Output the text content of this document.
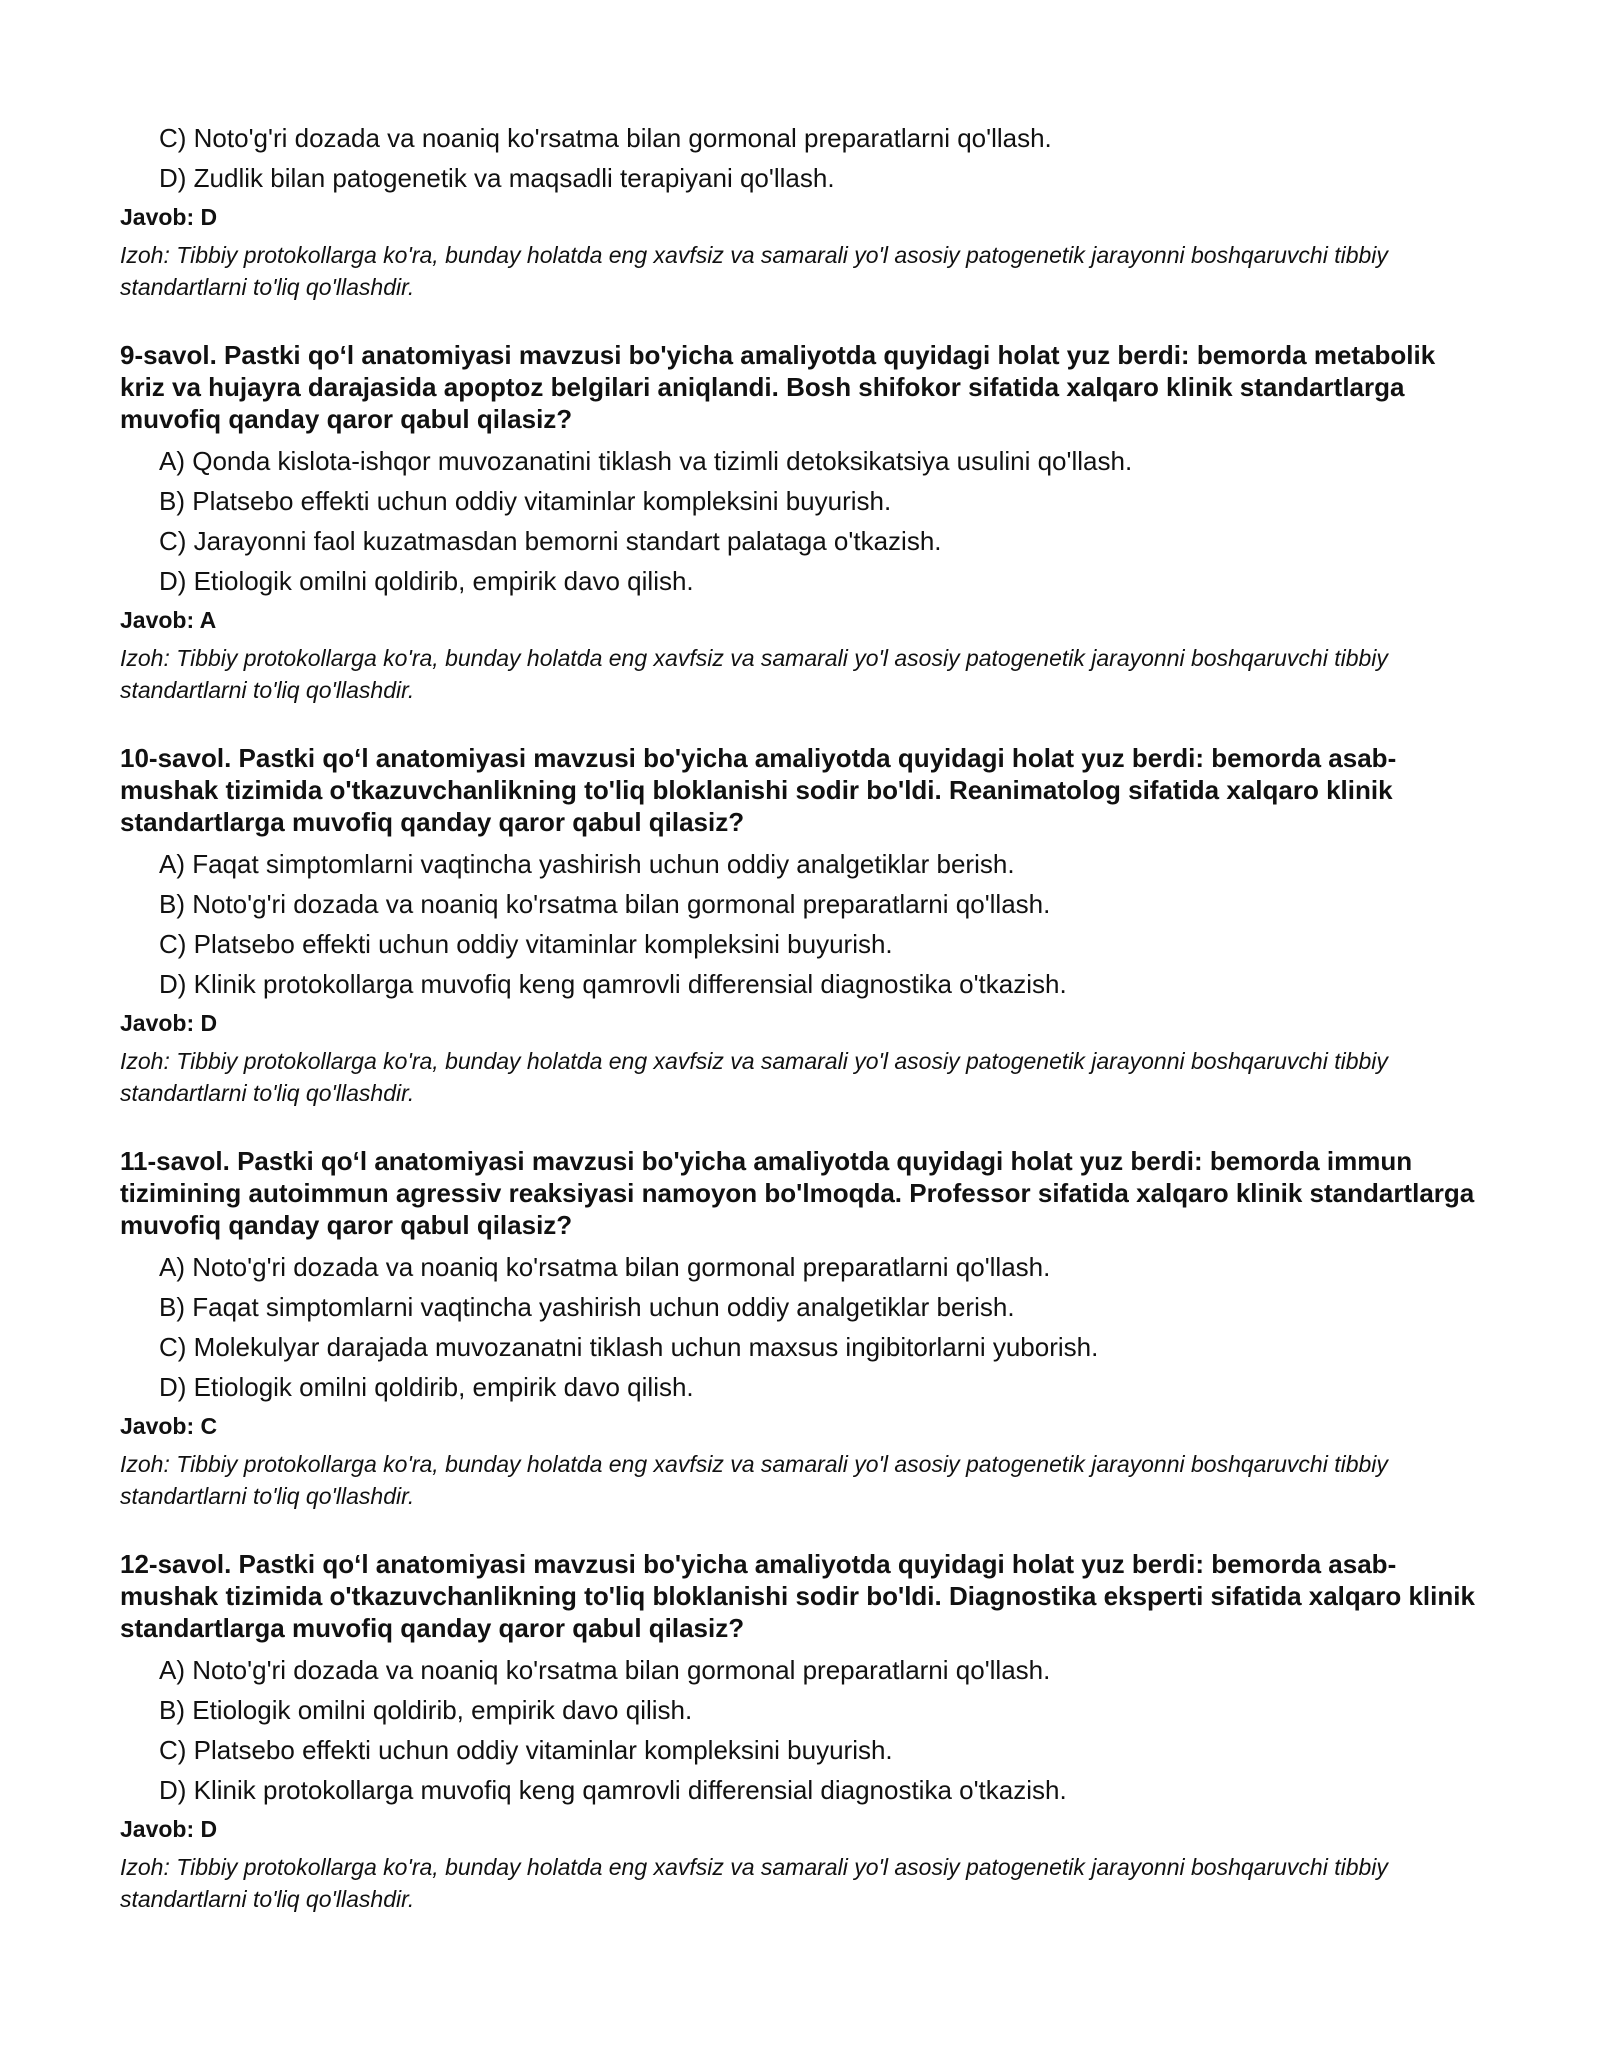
C) Noto'g'ri dozada va noaniq ko'rsatma bilan gormonal preparatlarni qo'llash.
D) Zudlik bilan patogenetik va maqsadli terapiyani qo'llash.
Javob: D
Izoh: Tibbiy protokollarga ko'ra, bunday holatda eng xavfsiz va samarali yo'l asosiy patogenetik jarayonni boshqaruvchi tibbiy standartlarni to'liq qo'llashdir.
9-savol. Pastki qo‘l anatomiyasi mavzusi bo'yicha amaliyotda quyidagi holat yuz berdi: bemorda metabolik kriz va hujayra darajasida apoptoz belgilari aniqlandi. Bosh shifokor sifatida xalqaro klinik standartlarga muvofiq qanday qaror qabul qilasiz?
A) Qonda kislota-ishqor muvozanatini tiklash va tizimli detoksikatsiya usulini qo'llash.
B) Platsebo effekti uchun oddiy vitaminlar kompleksini buyurish.
C) Jarayonni faol kuzatmasdan bemorni standart palataga o'tkazish.
D) Etiologik omilni qoldirib, empirik davo qilish.
Javob: A
Izoh: Tibbiy protokollarga ko'ra, bunday holatda eng xavfsiz va samarali yo'l asosiy patogenetik jarayonni boshqaruvchi tibbiy standartlarni to'liq qo'llashdir.
10-savol. Pastki qo‘l anatomiyasi mavzusi bo'yicha amaliyotda quyidagi holat yuz berdi: bemorda asab-mushak tizimida o'tkazuvchanlikning to'liq bloklanishi sodir bo'ldi. Reanimatolog sifatida xalqaro klinik standartlarga muvofiq qanday qaror qabul qilasiz?
A) Faqat simptomlarni vaqtincha yashirish uchun oddiy analgetiklar berish.
B) Noto'g'ri dozada va noaniq ko'rsatma bilan gormonal preparatlarni qo'llash.
C) Platsebo effekti uchun oddiy vitaminlar kompleksini buyurish.
D) Klinik protokollarga muvofiq keng qamrovli differensial diagnostika o'tkazish.
Javob: D
Izoh: Tibbiy protokollarga ko'ra, bunday holatda eng xavfsiz va samarali yo'l asosiy patogenetik jarayonni boshqaruvchi tibbiy standartlarni to'liq qo'llashdir.
11-savol. Pastki qo‘l anatomiyasi mavzusi bo'yicha amaliyotda quyidagi holat yuz berdi: bemorda immun tizimining autoimmun agressiv reaksiyasi namoyon bo'lmoqda. Professor sifatida xalqaro klinik standartlarga muvofiq qanday qaror qabul qilasiz?
A) Noto'g'ri dozada va noaniq ko'rsatma bilan gormonal preparatlarni qo'llash.
B) Faqat simptomlarni vaqtincha yashirish uchun oddiy analgetiklar berish.
C) Molekulyar darajada muvozanatni tiklash uchun maxsus ingibitorlarni yuborish.
D) Etiologik omilni qoldirib, empirik davo qilish.
Javob: C
Izoh: Tibbiy protokollarga ko'ra, bunday holatda eng xavfsiz va samarali yo'l asosiy patogenetik jarayonni boshqaruvchi tibbiy standartlarni to'liq qo'llashdir.
12-savol. Pastki qo‘l anatomiyasi mavzusi bo'yicha amaliyotda quyidagi holat yuz berdi: bemorda asab-mushak tizimida o'tkazuvchanlikning to'liq bloklanishi sodir bo'ldi. Diagnostika eksperti sifatida xalqaro klinik standartlarga muvofiq qanday qaror qabul qilasiz?
A) Noto'g'ri dozada va noaniq ko'rsatma bilan gormonal preparatlarni qo'llash.
B) Etiologik omilni qoldirib, empirik davo qilish.
C) Platsebo effekti uchun oddiy vitaminlar kompleksini buyurish.
D) Klinik protokollarga muvofiq keng qamrovli differensial diagnostika o'tkazish.
Javob: D
Izoh: Tibbiy protokollarga ko'ra, bunday holatda eng xavfsiz va samarali yo'l asosiy patogenetik jarayonni boshqaruvchi tibbiy standartlarni to'liq qo'llashdir.
